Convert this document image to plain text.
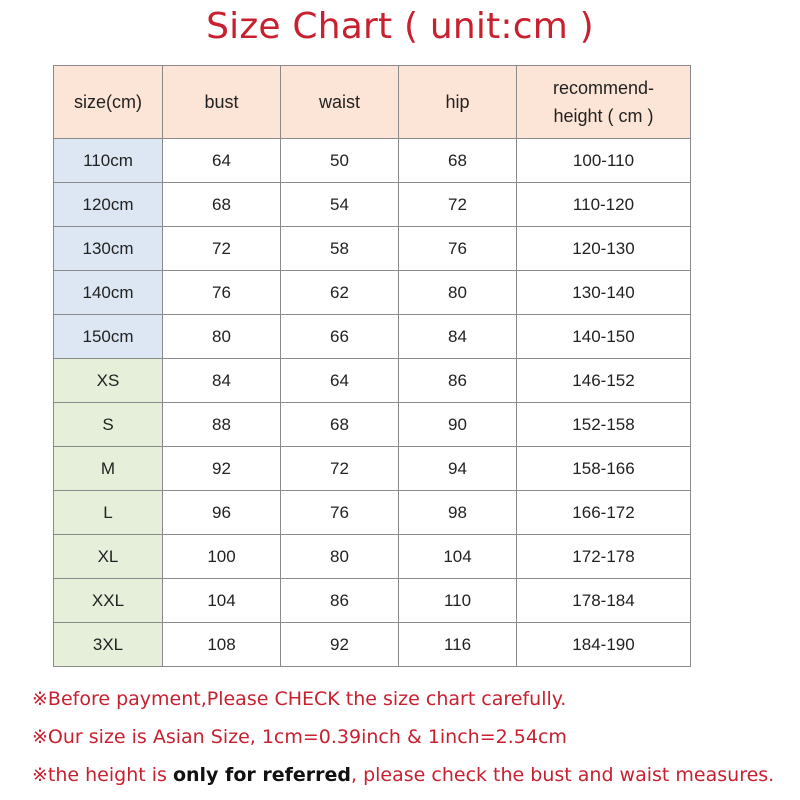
Size Chart ( unit:cm )
size(cm)	bust	waist	hip	recommend-
height ( cm )
110cm	64	50	68	100-110
120cm	68	54	72	110-120
130cm	72	58	76	120-130
140cm	76	62	80	130-140
150cm	80	66	84	140-150
XS	84	64	86	146-152
S	88	68	90	152-158
M	92	72	94	158-166
L	96	76	98	166-172
XL	100	80	104	172-178
XXL	104	86	110	178-184
3XL	108	92	116	184-190
※Before payment,Please CHECK the size chart carefully.
※Our size is Asian Size, 1cm=0.39inch & 1inch=2.54cm
※the height is only for referred, please check the bust and waist measures.
